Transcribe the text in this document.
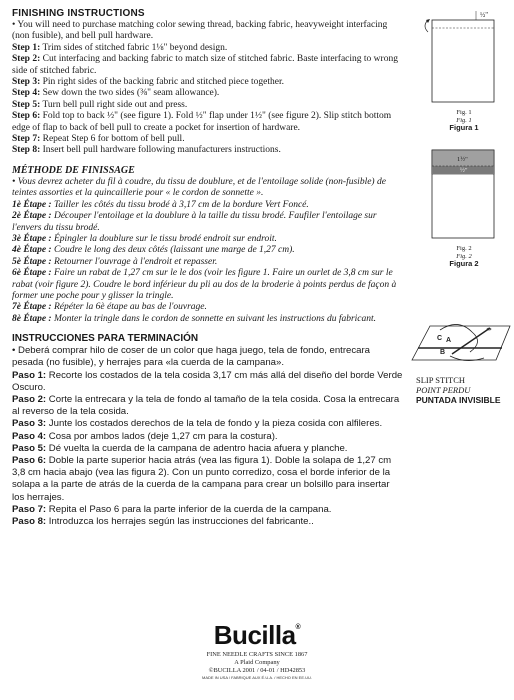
FINISHING INSTRUCTIONS

• You will need to purchase matching color sewing thread, backing fabric, heavyweight interfacing (non fusible), and bell pull hardware.

Step 1: Trim sides of stitched fabric 1⅛" beyond design.

Step 2: Cut interfacing and backing fabric to match size of stitched fabric. Baste interfacing to wrong side of stitched fabric.

Step 3: Pin right sides of the backing fabric and stitched piece together.

Step 4: Sew down the two sides (⅜" seam allowance).

Step 5: Turn bell pull right side out and press.

Step 6: Fold top to back ½" (see figure 1). Fold ½" flap under 1½" (see figure 2). Slip stitch bottom edge of flap to back of bell pull to create a pocket for insertion of hardware.

Step 7: Repeat Step 6 for bottom of bell pull.

Step 8: Insert bell pull hardware following manufacturers instructions.

MÉTHODE DE FINISSAGE

• Vous devrez acheter du fil à coudre, du tissu de doublure, et de l'entoilage solide (non-fusible) de teintes assorties et la quincaillerie pour « le cordon de sonnette ».

1è Étape : Tailler les côtés du tissu brodé à 3,17 cm de la bordure Vert Foncé.

2è Étape : Découper l'entoilage et la doublure à la taille du tissu brodé. Faufiler l'entoilage sur l'envers du tissu brodé.

3è Étape : Épingler la doublure sur le tissu brodé endroit sur endroit.

4è Étape : Coudre le long des deux côtés (laissant une marge de 1,27 cm).

5è Étape : Retourner l'ouvrage à l'endroit et repasser.

6è Étape : Faire un rabat de 1,27 cm sur le le dos (voir les figure 1. Faire un ourlet de 3,8 cm sur le rabat (voir figure 2). Coudre le bord inférieur du pli au dos de la broderie à points perdus de façon à former une poche pour y glisser la tringle.

7è Étape : Répéter la 6è étape au bas de l'ouvrage.

8è Étape : Monter la tringle dans le cordon de sonnette en suivant les instructions du fabricant.

INSTRUCCIONES PARA TERMINACIÓN

• Deberá comprar hilo de coser de un color que haga juego, tela de fondo, entrecara pesada (no fusible), y herrajes para «la cuerda de la campana».

Paso 1: Recorte los costados de la tela cosida 3,17 cm más allá del diseño del borde Verde Oscuro.

Paso 2: Corte la entrecara y la tela de fondo al tamaño de la tela cosida. Cosa la entrecara al reverso de la tela cosida.

Paso 3: Junte los costados derechos de la tela de fondo y la pieza cosida con alfileres.

Paso 4: Cosa por ambos lados (deje 1,27 cm para la costura).

Paso 5: Dé vuelta la cuerda de la campana de adentro hacia afuera y planche.

Paso 6: Doble la parte superior hacia atrás (vea las figura 1). Doble la solapa de 1,27 cm 3,8 cm hacia abajo (vea las figura 2). Con un punto corredizo, cosa el borde inferior de la solapa a la parte de atrás de la cuerda de la campana para crear un bolsillo para insertar los herrajes.

Paso 7: Repita el Paso 6 para la parte inferior de la cuerda de la campana.

Paso 8: Introduzca los herrajes según las instrucciones del fabricante..

½"

Fig. 1

Fig. 1

Figura 1

1½"
½"

Fig. 2

Fig. 2

Figura 2

C A
B

SLIP STITCH

POINT PERDU

PUNTADA INVISIBLE

Bucilla®

FINE NEEDLE CRAFTS SINCE 1867

A Plaid Company

©BUCILLA 2001 / 04-01 / HD42853

MADE IN USA / FABRIQUE AUX É.U.A. / HECHO EN EE.UU.
